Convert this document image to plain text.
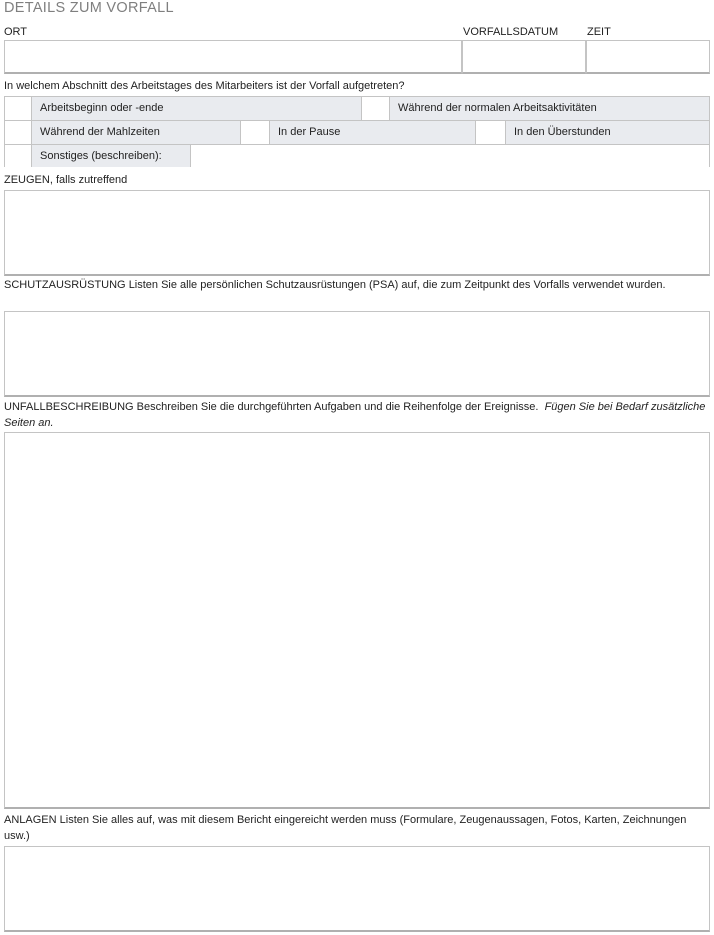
DETAILS ZUM VORFALL
ORT	VORFALLSDATUM	ZEIT
In welchem Abschnitt des Arbeitstages des Mitarbeiters ist der Vorfall aufgetreten?
Arbeitsbeginn oder -ende	Während der normalen Arbeitsaktivitäten
Während der Mahlzeiten	In der Pause	In den Überstunden
Sonstiges (beschreiben):
ZEUGEN, falls zutreffend
SCHUTZAUSRÜSTUNG Listen Sie alle persönlichen Schutzausrüstungen (PSA) auf, die zum Zeitpunkt des Vorfalls verwendet wurden.
UNFALLBESCHREIBUNG Beschreiben Sie die durchgeführten Aufgaben und die Reihenfolge der Ereignisse. Fügen Sie bei Bedarf zusätzliche Seiten an.
ANLAGEN Listen Sie alles auf, was mit diesem Bericht eingereicht werden muss (Formulare, Zeugenaussagen, Fotos, Karten, Zeichnungen usw.)
